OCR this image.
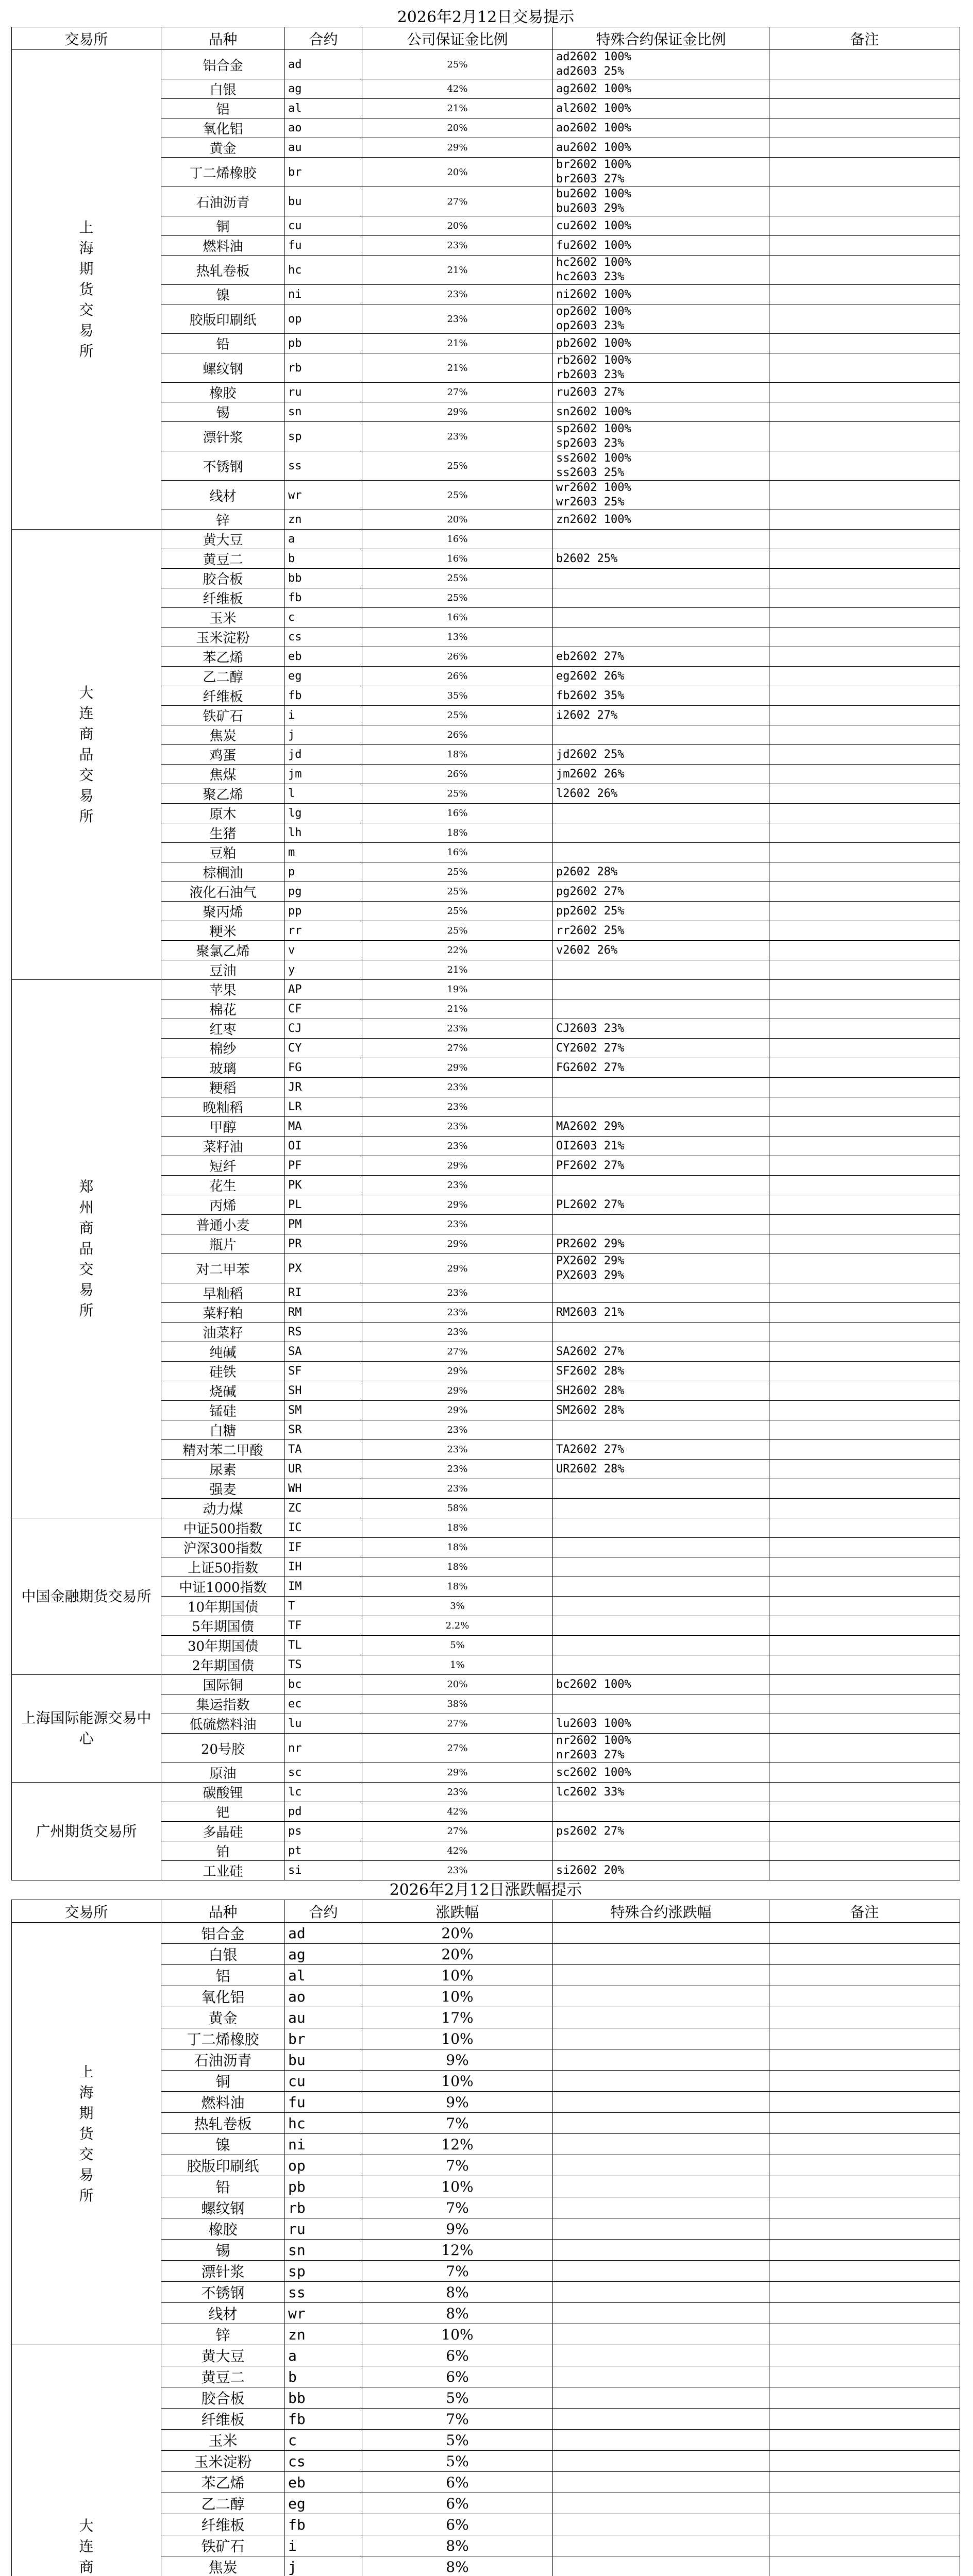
2026年2月12日交易提示					
交易所	品种	合约	公司保证金比例	特殊合约保证金比例	备注
上海期货交易所	铝合金	ad	25%	ad2602 100%
ad2603 25%	

	白银	ag	42%	ag2602 100%	

	铝	al	21%	al2602 100%	

	氧化铝	ao	20%	ao2602 100%	

	黄金	au	29%	au2602 100%	

	丁二烯橡胶	br	20%	br2602 100%
br2603 27%	

	石油沥青	bu	27%	bu2602 100%
bu2603 29%	

	铜	cu	20%	cu2602 100%	

	燃料油	fu	23%	fu2602 100%	

	热轧卷板	hc	21%	hc2602 100%
hc2603 23%	

	镍	ni	23%	ni2602 100%	

	胶版印刷纸	op	23%	op2602 100%
op2603 23%	

	铅	pb	21%	pb2602 100%	

	螺纹钢	rb	21%	rb2602 100%
rb2603 23%	

	橡胶	ru	27%	ru2603 27%	

	锡	sn	29%	sn2602 100%	

	漂针浆	sp	23%	sp2602 100%
sp2603 23%	

	不锈钢	ss	25%	ss2602 100%
ss2603 25%	

	线材	wr	25%	wr2602 100%
wr2603 25%	

	锌	zn	20%	zn2602 100%	

大连商品交易所	黄大豆	a	16%		
	黄豆二	b	16%	b2602 25%	

	胶合板	bb	25%		
	纤维板	fb	25%		
	玉米	c	16%		
	玉米淀粉	cs	13%		
	苯乙烯	eb	26%	eb2602 27%	

	乙二醇	eg	26%	eg2602 26%	

	纤维板	fb	35%	fb2602 35%	

	铁矿石	i	25%	i2602 27%	

	焦炭	j	26%		
	鸡蛋	jd	18%	jd2602 25%	

	焦煤	jm	26%	jm2602 26%	

	聚乙烯	l	25%	l2602 26%	

	原木	lg	16%		
	生猪	lh	18%		
	豆粕	m	16%		
	棕榈油	p	25%	p2602 28%	

	液化石油气	pg	25%	pg2602 27%	

	聚丙烯	pp	25%	pp2602 25%	

	粳米	rr	25%	rr2602 25%	

	聚氯乙烯	v	22%	v2602 26%	

	豆油	y	21%		
郑州商品交易所	苹果	AP	19%		
	棉花	CF	21%		
	红枣	CJ	23%	CJ2603 23%	

	棉纱	CY	27%	CY2602 27%	

	玻璃	FG	29%	FG2602 27%	

	粳稻	JR	23%		
	晚籼稻	LR	23%		
	甲醇	MA	23%	MA2602 29%	

	菜籽油	OI	23%	OI2603 21%	

	短纤	PF	29%	PF2602 27%	

	花生	PK	23%		
	丙烯	PL	29%	PL2602 27%	

	普通小麦	PM	23%		
	瓶片	PR	29%	PR2602 29%	

	对二甲苯	PX	29%	PX2602 29%
PX2603 29%	

	早籼稻	RI	23%		
	菜籽粕	RM	23%	RM2603 21%	

	油菜籽	RS	23%		
	纯碱	SA	27%	SA2602 27%	

	硅铁	SF	29%	SF2602 28%	

	烧碱	SH	29%	SH2602 28%	

	锰硅	SM	29%	SM2602 28%	

	白糖	SR	23%		
	精对苯二甲酸	TA	23%	TA2602 27%	

	尿素	UR	23%	UR2602 28%	

	强麦	WH	23%		
	动力煤	ZC	58%		
中国金融期货交易所	中证500指数	IC	18%		
	沪深300指数	IF	18%		
	上证50指数	IH	18%		
	中证1000指数	IM	18%		
	10年期国债	T	3%		
	5年期国债	TF	2.2%		
	30年期国债	TL	5%		
	2年期国债	TS	1%		
上海国际能源交易中心	国际铜	bc	20%	bc2602 100%	

	集运指数	ec	38%		
	低硫燃料油	lu	27%	lu2603 100%	

	20号胶	nr	27%	nr2602 100%
nr2603 27%	

	原油	sc	29%	sc2602 100%	

广州期货交易所	碳酸锂	lc	23%	lc2602 33%	

	钯	pd	42%		
	多晶硅	ps	27%	ps2602 27%	

	铂	pt	42%		
	工业硅	si	23%	si2602 20%	

2026年2月12日涨跌幅提示					
交易所	品种	合约	涨跌幅	特殊合约涨跌幅	备注
上海期货交易所	铝合金	ad	20%		
	白银	ag	20%		
	铝	al	10%		
	氧化铝	ao	10%		
	黄金	au	17%		
	丁二烯橡胶	br	10%		
	石油沥青	bu	9%		
	铜	cu	10%		
	燃料油	fu	9%		
	热轧卷板	hc	7%		
	镍	ni	12%		
	胶版印刷纸	op	7%		
	铅	pb	10%		
	螺纹钢	rb	7%		
	橡胶	ru	9%		
	锡	sn	12%		
	漂针浆	sp	7%		
	不锈钢	ss	8%		
	线材	wr	8%		
	锌	zn	10%		
大连商	黄大豆	a	6%		
	黄豆二	b	6%		
	胶合板	bb	5%		
	纤维板	fb	7%		
	玉米	c	5%		
	玉米淀粉	cs	5%		
	苯乙烯	eb	6%		
	乙二醇	eg	6%		
	纤维板	fb	6%		
	铁矿石	i	8%		
	焦炭	j	8%		
